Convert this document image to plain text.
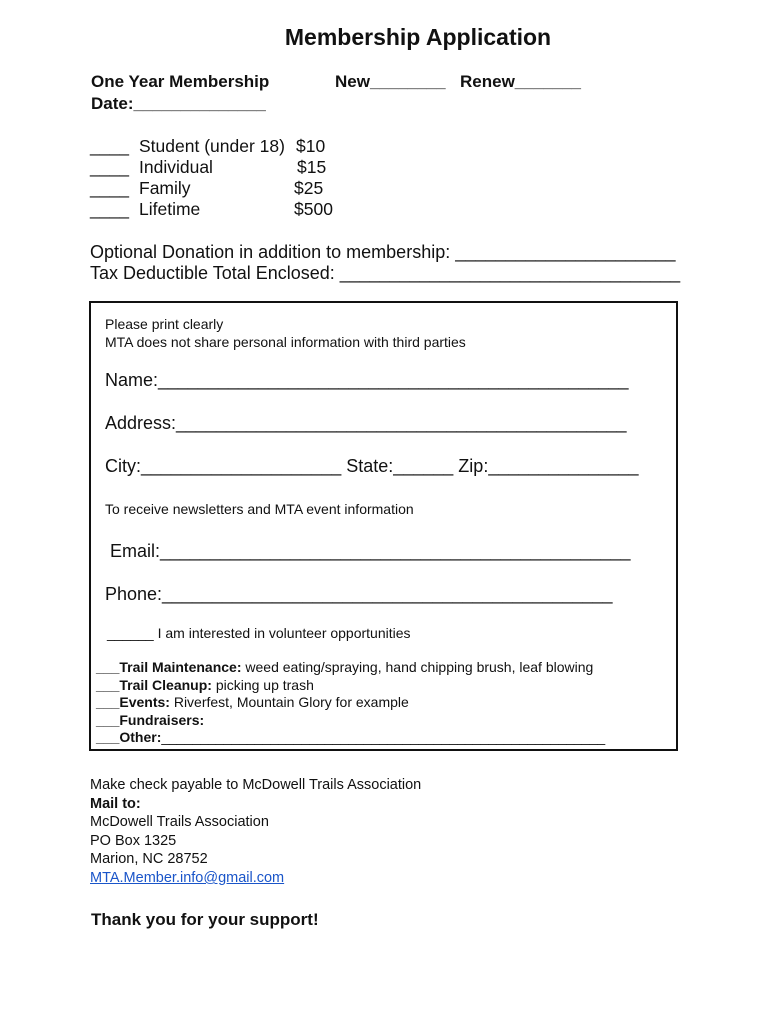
Membership Application
One Year Membership	New________ Renew_______
Date:______________
____ Student (under 18) $10
____ Individual	$15
____ Family	$25
____ Lifetime	$500
Optional Donation in addition to membership: ______________________
Tax Deductible Total Enclosed: __________________________________
Please print clearly
MTA does not share personal information with third parties
Name:_______________________________________________
Address:_____________________________________________
City:____________________ State:______ Zip:_______________
To receive newsletters and MTA event information
Email:_______________________________________________
Phone:_____________________________________________
______ I am interested in volunteer opportunities
___Trail Maintenance: weed eating/spraying, hand chipping brush, leaf blowing
___Trail Cleanup: picking up trash
___Events: Riverfest, Mountain Glory for example
___Fundraisers:
___Other:_________________________________________________________
Make check payable to McDowell Trails Association
Mail to:
McDowell Trails Association
PO Box 1325
Marion, NC 28752
MTA.Member.info@gmail.com
Thank you for your support!
